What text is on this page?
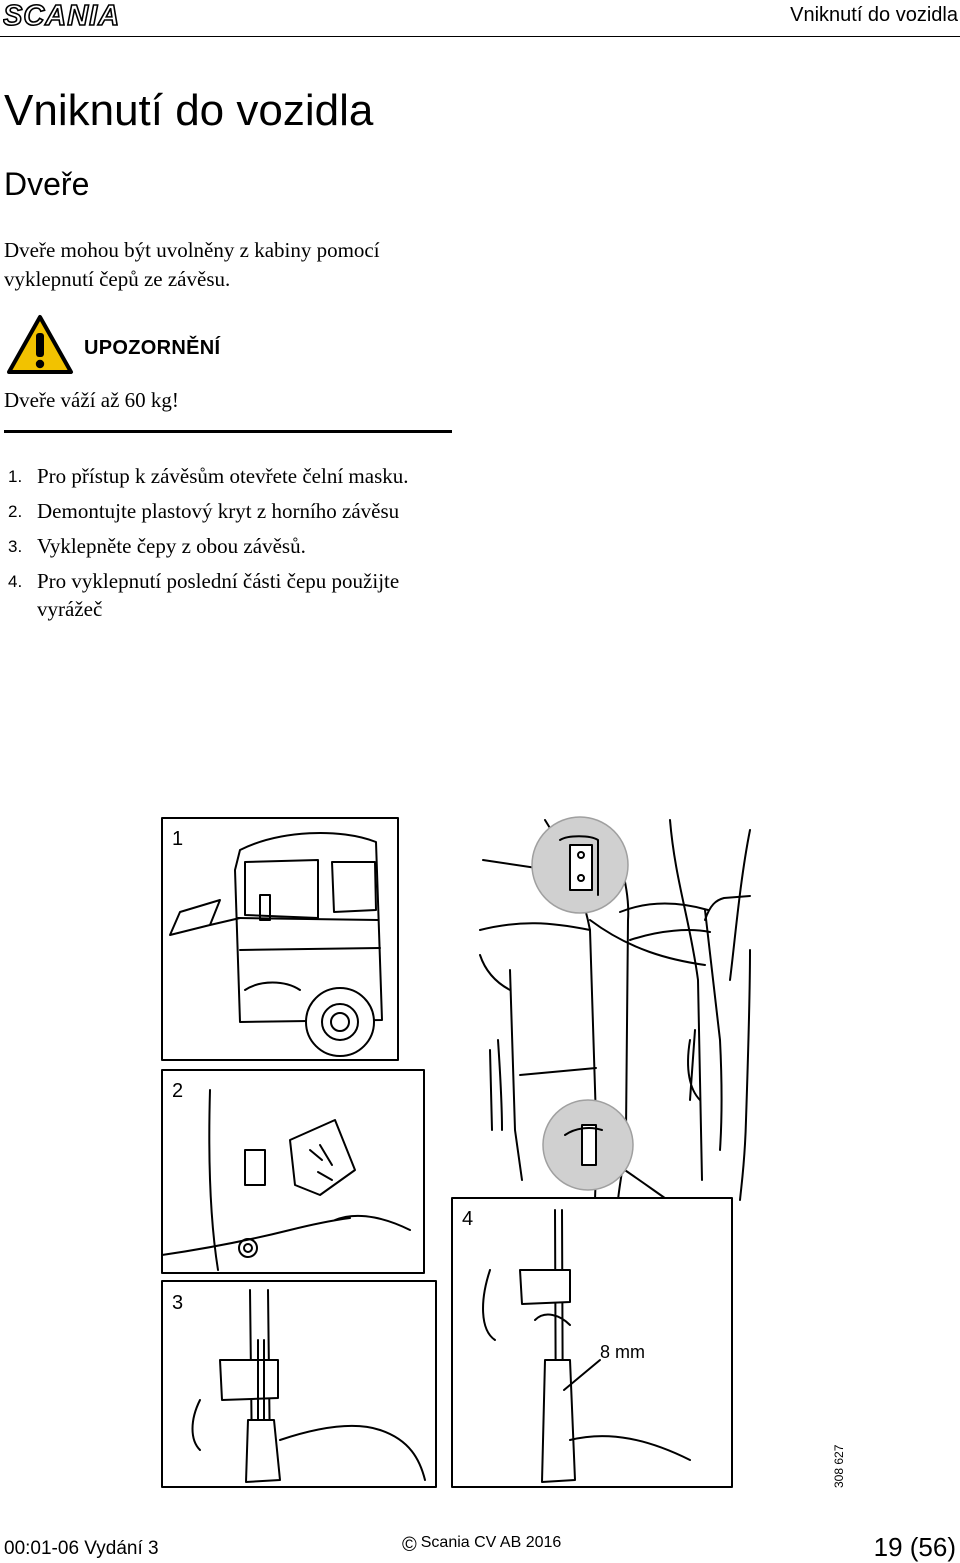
SCANIA	Vniknutí do vozidla
Vniknutí do vozidla
Dveře

Dveře mohou být uvolněny z kabiny pomocí vyklepnutí čepů ze závěsu.

UPOZORNĚNÍ
Dveře váží až 60 kg!
1. Pro přístup k závěsům otevřete čelní masku.
2. Demontujte plastový kryt z horního závěsu
3. Vyklepněte čepy z obou závěsů.
4. Pro vyklepnutí poslední části čepu použijte vyrážeč
1
2
3
4
8 mm
308 627
00:01-06 Vydání 3	© Scania CV AB 2016	19 (56)
